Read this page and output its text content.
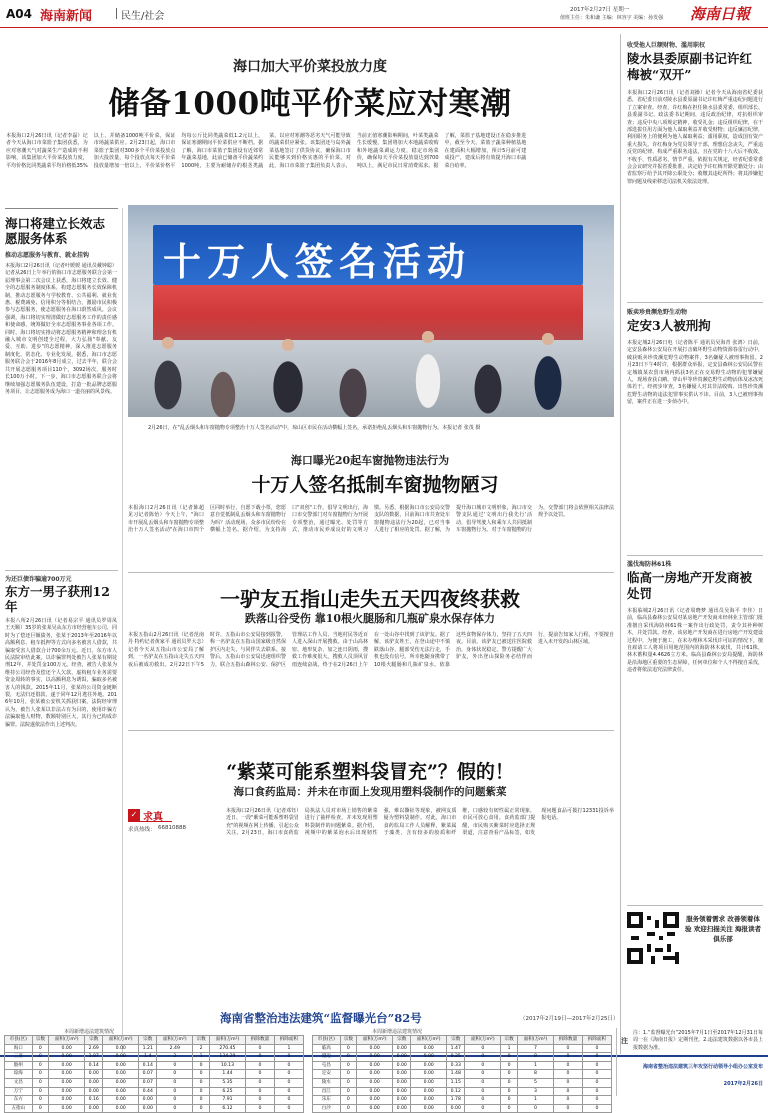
A04 海南新闻	民生/社会
2017年2月27日 星期一
值班主任：朱和谦 主编：林容宇 美编：孙发强 海南日報
海口加大平价菜投放力度
储备1000吨平价菜应对寒潮
本报海口2月26日讯（记者李磊）记者今天从海口市菜篮子集团获悉，为应对寒潮天气对蔬菜生产造成的不利影响，该集团加大平价菜投放力度，平均价格比同类蔬菜平均价格低35%以上，并储备1000吨平价菜，保证市场蔬菜供应。2月23日起，海口市菜篮子集团对300多个平价菜投放点加大投放量，每个投放点每天平价菜投放量增加一倍以上，平价菜价格平均每公斤比同类蔬菜低1.2元以上，保证寒潮期间平价菜供应不断档。据了解，海口市菜篮子集团设有近郊常年蔬菜基地，此前已储备平价蔬菜约1000吨，主要为耐储存的根茎类蔬菜，以应对寒潮等恶劣天气可能导致的蔬菜供应紧张。该集团还与岛外蔬菜基地签订了供货协议，确保海口市民能够买到价格实惠的平价菜。对此，海口市菜篮子集团负责人表示，当前正值寒潮影响期间，叶菜类蔬菜生长缓慢，集团将加大本地蔬菜收购和外地蔬菜调运力度，稳定市场菜价，确保每天平价菜投放量达到700吨以上，满足市民日常消费需求。据了解，菜篮子基地建设正在稳步推进中，截至今天，菜篮子蔬菜种植基地在建面积大幅增加，预计5月前可建成投产，建成后将有效提升海口市蔬菜自给率。
海口将建立长效志愿服务体系
推动志愿服务与教育、就业挂钩
本报海口2月26日讯（记者叶媛媛 通讯员戴钟聪）记者从26日上午举行的海口市志愿服务联合会第一届理事会第二次会议上获悉，海口将建立长效、健全的志愿服务制度体系，构建志愿服务长效保障机制，推动志愿服务与学校教育、公共福利、就业优惠、税费减免、信用积分等相结合，激励市民积极参与志愿服务，使志愿服务在海口蔚然成风。会议强调，海口将切实理清做好志愿服务工作的责任感和使命感，统筹做好全市志愿服务事业各项工作。同时，海口将切实推动将志愿服务精神和理念有机融入城市文明创建全过程，大力弘扬"奉献、友爱、互助、进步"的志愿精神，深入推进志愿服务制度化、常态化、专业化发展。据悉，海口市志愿服务联合会于2016年8月成立，过去半年，联合会共开展志愿服务项目110个，3092场次，服务时长100万小时。下一步，海口市志愿服务联合会将继续加强志愿服务队伍建设，打造一批品牌志愿服务项目，让志愿服务成为海口一道亮丽的风景线。
为还巨债诈骗逾700万元
东方一男子获刑12年
本报八所2月26日讯（记者易宗平 通讯员罗周凤 王天顺）35岁的张某吴从东方市经营租车公司，同时为了偿还巨额债务，张某于2013年至2016年以高额利息、租车抵押等方式向多名被害人借款，共骗取受害人借款合计700余万元。近日，东方市人民法院审结此案，以诈骗罪判处被告人张某有期徒刑12年，并处罚金100万元。经查，被告人张某为维持公司经营及偿还个人欠款，虚构租车业务需要资金周转的事实，以高额利息为诱饵，骗取多名被害人的钱款。2015年11月，张某的公司资金链断裂，无法归还借款，遂于同年12月逃往外地。2016年10月，张某被公安机关抓获归案。法院经审理认为，被告人张某以非法占有为目的，使用诈骗方法骗取他人财物，数额特别巨大，其行为已构成诈骗罪。法院遂依法作出上述判决。
十万人签名活动
2月26日，在"乱丢烟头和车窗抛物专项整治十万人签名活动"中，琼山区市民在活动横幅上签名，承诺拒绝乱丢烟头和车窗抛物行为。本报记者 张茂 摄
海口曝光20起车窗抛物违法行为
十万人签名抵制车窗抛物陋习
本报海口2月26日讯（记者陈超 见习记者陈怡）今天上午，"海口市开展乱丢烟头和车窗抛物专项整治十万人签名活动"在海口市四个区同时举行，自愿下载小票，您愿意自觉抵制乱丢烟头和车窗抛物行为吗？活动现场，众多市民纷纷在横幅上签名。据介绍，为支持海口"双创"工作，倡导文明出行，海口市交警部门对车窗抛物行为开展专项整治，通过曝光、处罚等方式，推动市民养成良好的文明习惯。另悉，根据海口市公安局交警支队的数据，目前海口市共查处车窗抛物违法行为20起，已对当事人进行了相应的处罚。据了解，为提升海口城市文明形象，海口市交警支队通过'文明出行我先行'活动，倡导驾驶人和乘车人共同抵制车窗抛物行为。对于车窗抛物的行为，交警部门将会依照相关法律法规予以处罚。
一驴友五指山走失五天四夜终获救
跌落山谷受伤 靠10根火腿肠和几瓶矿泉水保存体力
本报五指山2月26日讯（记者范南丹 特约记者黄家平 通讯员罗大志）记者今天从五指山市公安局了解到，一名驴友在五指山走失五天四夜后被成功救出。2月22日下午5时许，五指山市公安局接到报警，称一名驴友在五指山国家级自然保护区内走失，与同伴失去联系。接警后，五指山市公安局迅速组织警力，联合五指山森林公安、保护区管理站工作人员、当地村民等近百人进入深山开展搜救。由于山高林密、地形复杂，加之连日阴雨，搜救工作难度很大。搜救人员顶风冒雨连续奋战，终于在2月26日上午在一处山谷中找到了该驴友。据了解，该驴友姓王，在登山途中不慎跌落山谷，腿部受伤无法行走，手机也没有信号。所幸他随身携带了10根火腿肠和几瓶矿泉水，依靠这些食物保存体力，坚持了五天四夜。目前，该驴友已被送往医院救治，身体状况稳定。警方提醒广大驴友，外出登山探险务必结伴而行，提前告知家人行程，不要擅自进入未开发的山林区域。
“紫菜可能系塑料袋冒充”？假的！
海口食药监局：并未在市面上发现用塑料袋制作的问题紫菜
✓ 求真
求真热线： 66810888
本报海口2月26日讯（记者邓钰）近日，一段"紫菜可能系塑料袋冒充"的视频在网上传播，引起公众关注。2月23日，海口市食药监局执法人员对市场上销售的紫菜进行了抽样检查，并未发现用塑料袋制作的问题紫菜。据介绍，视频中的紫菜泡水后出现韧性强、难以撕扯等现象，被网友质疑为塑料袋制作。对此，海口市食药监局工作人员解释，紫菜属于藻类，含有较多的胶质和纤维，口感较有韧性属正常现象，市民可放心食用。食药监部门提醒，市民购买紫菜时应选择正规渠道，注意查看产品标签，如发现问题食品可拨打12331投诉举报电话。
收受他人巨额财物、滥用职权
陵水县委原副书记许红梅被“双开”
本报海口2月26日讯（记者刘操）记者今天从海南省纪委获悉，省纪委日前对陵水县委原副书记许红梅严重违纪问题进行了立案审查。经查，许红梅在担任陵水县委常委、组织部长、县委副书记、政法委书记期间，违反政治纪律，对抗组织审查；违反中央八项规定精神，收受礼金；违反组织纪律，在干部选拔任用方面为他人谋取利益并收受财物；违反廉洁纪律，利用职务上的便利为他人谋取利益；滥用职权，造成国有资产重大损失。许红梅身为党员领导干部，理想信念丧失，严重违反党的纪律，构成严重职务违法，且在党的十八大后不收敛、不收手，性质恶劣，情节严重。依据有关规定，经省纪委常委会会议研究并报省委批准，决定给予许红梅开除党籍处分；由省监察厅给予其开除公职处分；收缴其违纪所得；将其涉嫌犯罪问题及线索移送司法机关依法处理。
贩卖珍贵濒危野生动物
定安3人被刑拘
本报定城2月26日电（记者陈平 通讯员吴海青 张鸿）日前，定安县森林公安局在开展打击破坏野生动物资源春雷行动中，破获贩卖珍贵濒危野生动物案件，3名嫌疑人被刑事拘留。2月23日下午4时许，根据群众举报，定安县森林公安局民警在定城镇某农贸市场内抓获3名正在交易野生动物的犯罪嫌疑人，现场查获白鹇、穿山甲等珍贵濒危野生动物活体及冰冻死体若干。经初步审查，3名嫌疑人对其非法收购、出售珍贵濒危野生动物的违法犯罪事实供认不讳。目前，3人已被刑事拘留，案件正在进一步侦办中。
滥伐海防林61株
临高一房地产开发商被处罚
本报临城2月26日讯（记者周晓梦 通讯员吴海平 李佳）日前，临高县森林公安局对某房地产开发商未经林业主管部门批准擅自采伐海防林61株一案作出行政处罚，责令其补种树木，并处罚款。经查，该房地产开发商在进行房地产开发建设过程中，为便于施工，在未办理林木采伐许可证的情况下，擅自雇请工人将项目用地范围内的海防林木砍伐，共计61株，林木蓄积量4.4626立方米。临高县森林公安局提醒，海防林是沿海地区重要的生态屏障，任何单位和个人不得擅自采伐，违者将依法追究法律责任。
服务领着需求 改善领着体验 欢迎扫描关注 海报读者俱乐部
海南省整治违法建筑“监督曝光台”82号	（2017年2月19日—2017年2月25日）
本周新增违法建筑情况
市县(区)	宗数	面积(万m²)	宗数	面积(万m²)	宗数	面积(万m²)	宗数	面积(万m²)	拆除数量	拆除面积
海口	0	0.00	2.69	0.00	1.21	2.49	2	270.45	0	1
三亚	0	0.00	1.07	0.00	1.4	2	1	134.29	0	0
儋州	0	0.00	0.14	0.00	0.14	0	0	10.13	0	0
琼海	0	0.00	0.00	0.00	0.07	0	0	1.44	0	0
文昌	0	0.00	0.00	0.00	0.07	0	0	5.35	0	0
万宁	0	0.00	0.00	0.00	0.44	0	0	6.25	0	0
东方	0	0.00	0.16	0.00	0.00	0	0	7.91	0	0
五指山	0	0.00	0.00	0.00	0.00	0	0	6.12	0	0
本周新增违法建筑情况
市县(区)	宗数	面积(万m²)	宗数	面积(万m²)	宗数	面积(万m²)	宗数	面积(万m²)	拆除数量	拆除面积
临高	0	0.00	0.00	0.00	1.47	0	1	7	0	0
澄迈	0	0.00	0.00	0.00	0.25	0	0	8	0	0
屯昌	0	0.00	0.00	0.00	0.33	0	0	1	0	0
定安	0	0.00	0.00	0.00	1.48	0	0	8	0	0
陵水	0	0.00	0.00	0.00	1.15	0	0	5	0	0
昌江	0	0.00	0.00	0.00	0.12	0	0	3	0	0
乐东	0	0.00	0.00	0.00	1.78	0	0	1	0	0
白沙	0	0.00	0.00	0.00	0.00	0	0	0	0	0
注
注：1.“监督曝光台”2015年7月1日至2017年12月31日每周一在《海南日报》定期刊登。2.违法建筑数据以各市县上报数据为准。
海南省整治违法建筑三年攻坚行动领导小组办公室发布
2017年2月26日
